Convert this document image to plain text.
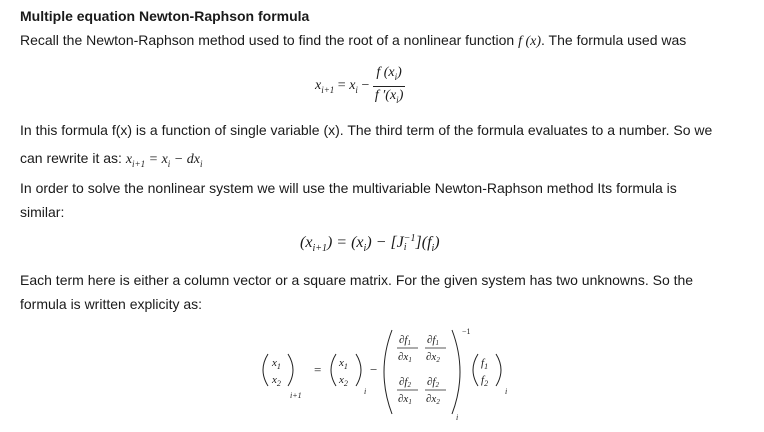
Multiple equation Newton-Raphson formula
Recall the Newton-Raphson method used to find the root of a nonlinear function f (x). The formula used was
$x_{i+1} = x_i - \frac{f (x_i)}{f '(x_i)}$
In this formula f(x) is a function of single variable (x). The third term of the formula evaluates to a number. So we
can rewrite it as: $x_{i+1} = x_i - dx_i$
In order to solve the nonlinear system we will use the multivariable Newton-Raphson method Its formula is
similar:
$(x_{i+1}) = (x_i) - [J -1$
i ]$(f_i)$
Each term here is either a column vector or a square matrix. For the given system has two unknowns. So the
formula is written explicity as:
$x_1$
$x_2$
i+1
= $x_1$
$x_2$
i
−
−1
∂f1
∂x1
∂f1
∂x2
∂f2
∂x1
∂f2
∂x2
i
$f_1$
$f_2$
i
